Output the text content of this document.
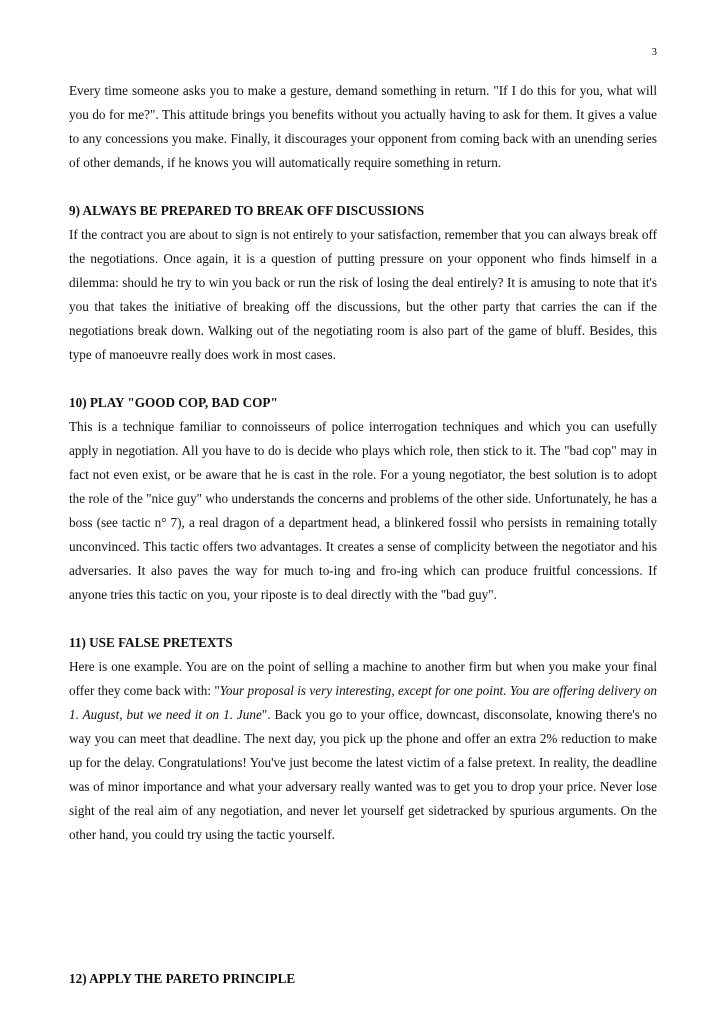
3

Every time someone asks you to make a gesture, demand something in return. "If I do this for you, what will you do for me?". This attitude brings you benefits without you actually having to ask for them. It gives a value to any concessions you make. Finally, it discourages your opponent from coming back with an unending series of other demands, if he knows you will automatically require something in return.

9) ALWAYS BE PREPARED TO BREAK OFF DISCUSSIONS

If the contract you are about to sign is not entirely to your satisfaction, remember that you can always break off the negotiations. Once again, it is a question of putting pressure on your opponent who finds himself in a dilemma: should he try to win you back or run the risk of losing the deal entirely? It is amusing to note that it's you that takes the initiative of breaking off the discussions, but the other party that carries the can if the negotiations break down. Walking out of the negotiating room is also part of the game of bluff. Besides, this type of manoeuvre really does work in most cases.

10) PLAY "GOOD COP, BAD COP"

This is a technique familiar to connoisseurs of police interrogation techniques and which you can usefully apply in negotiation. All you have to do is decide who plays which role, then stick to it. The "bad cop" may in fact not even exist, or be aware that he is cast in the role. For a young negotiator, the best solution is to adopt the role of the "nice guy" who understands the concerns and problems of the other side. Unfortunately, he has a boss (see tactic n° 7), a real dragon of a department head, a blinkered fossil who persists in remaining totally unconvinced. This tactic offers two advantages. It creates a sense of complicity between the negotiator and his adversaries. It also paves the way for much to-ing and fro-ing which can produce fruitful concessions. If anyone tries this tactic on you, your riposte is to deal directly with the "bad guy".

11) USE FALSE PRETEXTS

Here is one example. You are on the point of selling a machine to another firm but when you make your final offer they come back with: "Your proposal is very interesting, except for one point. You are offering delivery on 1. August, but we need it on 1. June". Back you go to your office, downcast, disconsolate, knowing there's no way you can meet that deadline. The next day, you pick up the phone and offer an extra 2% reduction to make up for the delay. Congratulations! You've just become the latest victim of a false pretext. In reality, the deadline was of minor importance and what your adversary really wanted was to get you to drop your price. Never lose sight of the real aim of any negotiation, and never let yourself get sidetracked by spurious arguments. On the other hand, you could try using the tactic yourself.

12) APPLY THE PARETO PRINCIPLE
